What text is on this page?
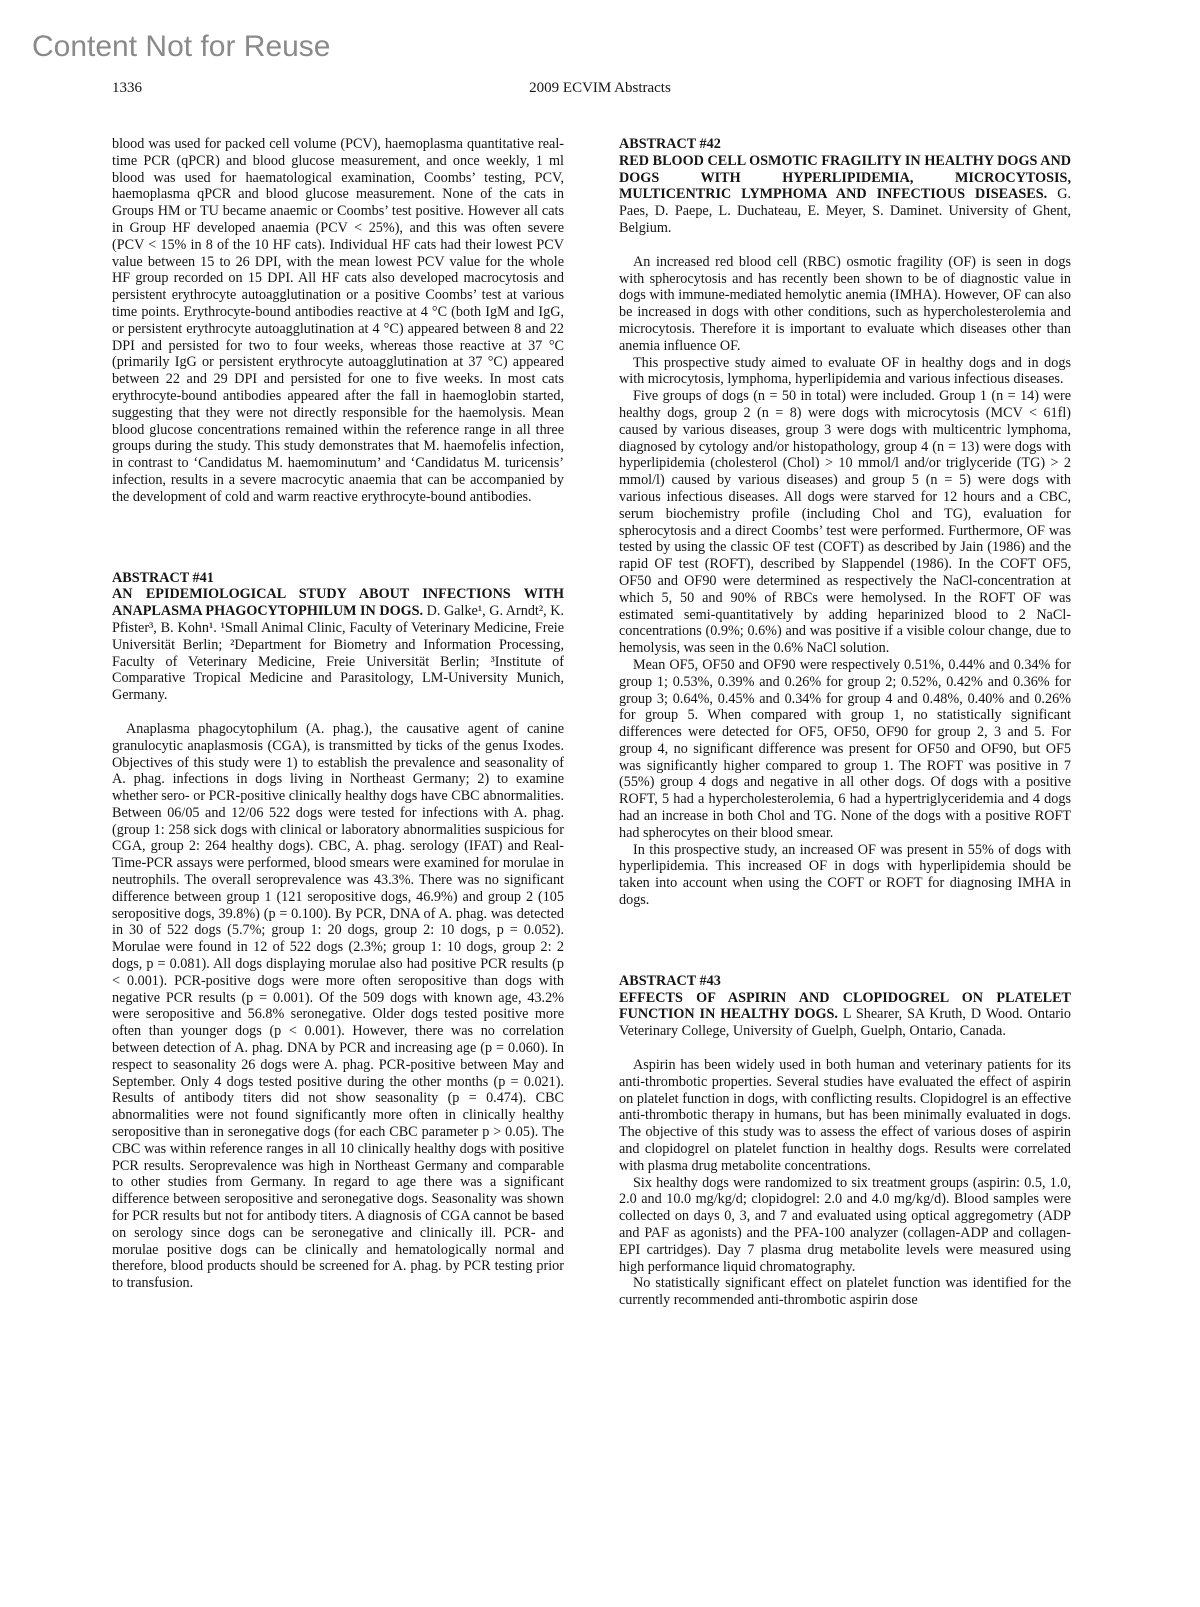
Content Not for Reuse
1336	2009 ECVIM Abstracts

blood was used for packed cell volume (PCV), haemoplasma quantitative real-time PCR (qPCR) and blood glucose measurement, and once weekly, 1 ml blood was used for haematological examination, Coombs’ testing, PCV, haemoplasma qPCR and blood glucose measurement. None of the cats in Groups HM or TU became anaemic or Coombs’ test positive. However all cats in Group HF developed anaemia (PCV < 25%), and this was often severe (PCV < 15% in 8 of the 10 HF cats). Individual HF cats had their lowest PCV value between 15 to 26 DPI, with the mean lowest PCV value for the whole HF group recorded on 15 DPI. All HF cats also developed macrocytosis and persistent erythrocyte autoagglutination or a positive Coombs’ test at various time points. Erythrocyte-bound antibodies reactive at 4 °C (both IgM and IgG, or persistent erythrocyte autoagglutination at 4 °C) appeared between 8 and 22 DPI and persisted for two to four weeks, whereas those reactive at 37 °C (primarily IgG or persistent erythrocyte autoagglutination at 37 °C) appeared between 22 and 29 DPI and persisted for one to five weeks. In most cats erythrocyte-bound antibodies appeared after the fall in haemoglobin started, suggesting that they were not directly responsible for the haemolysis. Mean blood glucose concentrations remained within the reference range in all three groups during the study. This study demonstrates that M. haemofelis infection, in contrast to ‘Candidatus M. haemominutum’ and ‘Candidatus M. turicensis’ infection, results in a severe macrocytic anaemia that can be accompanied by the development of cold and warm reactive erythrocyte-bound antibodies.

ABSTRACT #41

AN EPIDEMIOLOGICAL STUDY ABOUT INFECTIONS WITH ANAPLASMA PHAGOCYTOPHILUM IN DOGS. D. Galke¹, G. Arndt², K. Pfister³, B. Kohn¹. ¹Small Animal Clinic, Faculty of Veterinary Medicine, Freie Universität Berlin; ²Department for Biometry and Information Processing, Faculty of Veterinary Medicine, Freie Universität Berlin; ³Institute of Comparative Tropical Medicine and Parasitology, LM-University Munich, Germany.

Anaplasma phagocytophilum (A. phag.), the causative agent of canine granulocytic anaplasmosis (CGA), is transmitted by ticks of the genus Ixodes. Objectives of this study were 1) to establish the prevalence and seasonality of A. phag. infections in dogs living in Northeast Germany; 2) to examine whether sero- or PCR-positive clinically healthy dogs have CBC abnormalities. Between 06/05 and 12/06 522 dogs were tested for infections with A. phag. (group 1: 258 sick dogs with clinical or laboratory abnormalities suspicious for CGA, group 2: 264 healthy dogs). CBC, A. phag. serology (IFAT) and Real-Time-PCR assays were performed, blood smears were examined for morulae in neutrophils. The overall seroprevalence was 43.3%. There was no significant difference between group 1 (121 seropositive dogs, 46.9%) and group 2 (105 seropositive dogs, 39.8%) (p = 0.100). By PCR, DNA of A. phag. was detected in 30 of 522 dogs (5.7%; group 1: 20 dogs, group 2: 10 dogs, p = 0.052). Morulae were found in 12 of 522 dogs (2.3%; group 1: 10 dogs, group 2: 2 dogs, p = 0.081). All dogs displaying morulae also had positive PCR results (p < 0.001). PCR-positive dogs were more often seropositive than dogs with negative PCR results (p = 0.001). Of the 509 dogs with known age, 43.2% were seropositive and 56.8% seronegative. Older dogs tested positive more often than younger dogs (p < 0.001). However, there was no correlation between detection of A. phag. DNA by PCR and increasing age (p = 0.060). In respect to seasonality 26 dogs were A. phag. PCR-positive between May and September. Only 4 dogs tested positive during the other months (p = 0.021). Results of antibody titers did not show seasonality (p = 0.474). CBC abnormalities were not found significantly more often in clinically healthy seropositive than in seronegative dogs (for each CBC parameter p > 0.05). The CBC was within reference ranges in all 10 clinically healthy dogs with positive PCR results. Seroprevalence was high in Northeast Germany and comparable to other studies from Germany. In regard to age there was a significant difference between seropositive and seronegative dogs. Seasonality was shown for PCR results but not for antibody titers. A diagnosis of CGA cannot be based on serology since dogs can be seronegative and clinically ill. PCR- and morulae positive dogs can be clinically and hematologically normal and therefore, blood products should be screened for A. phag. by PCR testing prior to transfusion.

ABSTRACT #42

RED BLOOD CELL OSMOTIC FRAGILITY IN HEALTHY DOGS AND DOGS WITH HYPERLIPIDEMIA, MICROCYTOSIS, MULTICENTRIC LYMPHOMA AND INFECTIOUS DISEASES. G. Paes, D. Paepe, L. Duchateau, E. Meyer, S. Daminet. University of Ghent, Belgium.

An increased red blood cell (RBC) osmotic fragility (OF) is seen in dogs with spherocytosis and has recently been shown to be of diagnostic value in dogs with immune-mediated hemolytic anemia (IMHA). However, OF can also be increased in dogs with other conditions, such as hypercholesterolemia and microcytosis. Therefore it is important to evaluate which diseases other than anemia influence OF.

This prospective study aimed to evaluate OF in healthy dogs and in dogs with microcytosis, lymphoma, hyperlipidemia and various infectious diseases.

Five groups of dogs (n = 50 in total) were included. Group 1 (n = 14) were healthy dogs, group 2 (n = 8) were dogs with microcytosis (MCV < 61fl) caused by various diseases, group 3 were dogs with multicentric lymphoma, diagnosed by cytology and/or histopathology, group 4 (n = 13) were dogs with hyperlipidemia (cholesterol (Chol) > 10 mmol/l and/or triglyceride (TG) > 2 mmol/l) caused by various diseases) and group 5 (n = 5) were dogs with various infectious diseases. All dogs were starved for 12 hours and a CBC, serum biochemistry profile (including Chol and TG), evaluation for spherocytosis and a direct Coombs’ test were performed. Furthermore, OF was tested by using the classic OF test (COFT) as described by Jain (1986) and the rapid OF test (ROFT), described by Slappendel (1986). In the COFT OF5, OF50 and OF90 were determined as respectively the NaCl-concentration at which 5, 50 and 90% of RBCs were hemolysed. In the ROFT OF was estimated semi-quantitatively by adding heparinized blood to 2 NaCl-concentrations (0.9%; 0.6%) and was positive if a visible colour change, due to hemolysis, was seen in the 0.6% NaCl solution.

Mean OF5, OF50 and OF90 were respectively 0.51%, 0.44% and 0.34% for group 1; 0.53%, 0.39% and 0.26% for group 2; 0.52%, 0.42% and 0.36% for group 3; 0.64%, 0.45% and 0.34% for group 4 and 0.48%, 0.40% and 0.26% for group 5. When compared with group 1, no statistically significant differences were detected for OF5, OF50, OF90 for group 2, 3 and 5. For group 4, no significant difference was present for OF50 and OF90, but OF5 was significantly higher compared to group 1. The ROFT was positive in 7 (55%) group 4 dogs and negative in all other dogs. Of dogs with a positive ROFT, 5 had a hypercholesterolemia, 6 had a hypertriglyceridemia and 4 dogs had an increase in both Chol and TG. None of the dogs with a positive ROFT had spherocytes on their blood smear.

In this prospective study, an increased OF was present in 55% of dogs with hyperlipidemia. This increased OF in dogs with hyperlipidemia should be taken into account when using the COFT or ROFT for diagnosing IMHA in dogs.

ABSTRACT #43

EFFECTS OF ASPIRIN AND CLOPIDOGREL ON PLATELET FUNCTION IN HEALTHY DOGS. L Shearer, SA Kruth, D Wood. Ontario Veterinary College, University of Guelph, Guelph, Ontario, Canada.

Aspirin has been widely used in both human and veterinary patients for its anti-thrombotic properties. Several studies have evaluated the effect of aspirin on platelet function in dogs, with conflicting results. Clopidogrel is an effective anti-thrombotic therapy in humans, but has been minimally evaluated in dogs. The objective of this study was to assess the effect of various doses of aspirin and clopidogrel on platelet function in healthy dogs. Results were correlated with plasma drug metabolite concentrations.

Six healthy dogs were randomized to six treatment groups (aspirin: 0.5, 1.0, 2.0 and 10.0 mg/kg/d; clopidogrel: 2.0 and 4.0 mg/kg/d). Blood samples were collected on days 0, 3, and 7 and evaluated using optical aggregometry (ADP and PAF as agonists) and the PFA-100 analyzer (collagen-ADP and collagen-EPI cartridges). Day 7 plasma drug metabolite levels were measured using high performance liquid chromatography.

No statistically significant effect on platelet function was identified for the currently recommended anti-thrombotic aspirin dose
